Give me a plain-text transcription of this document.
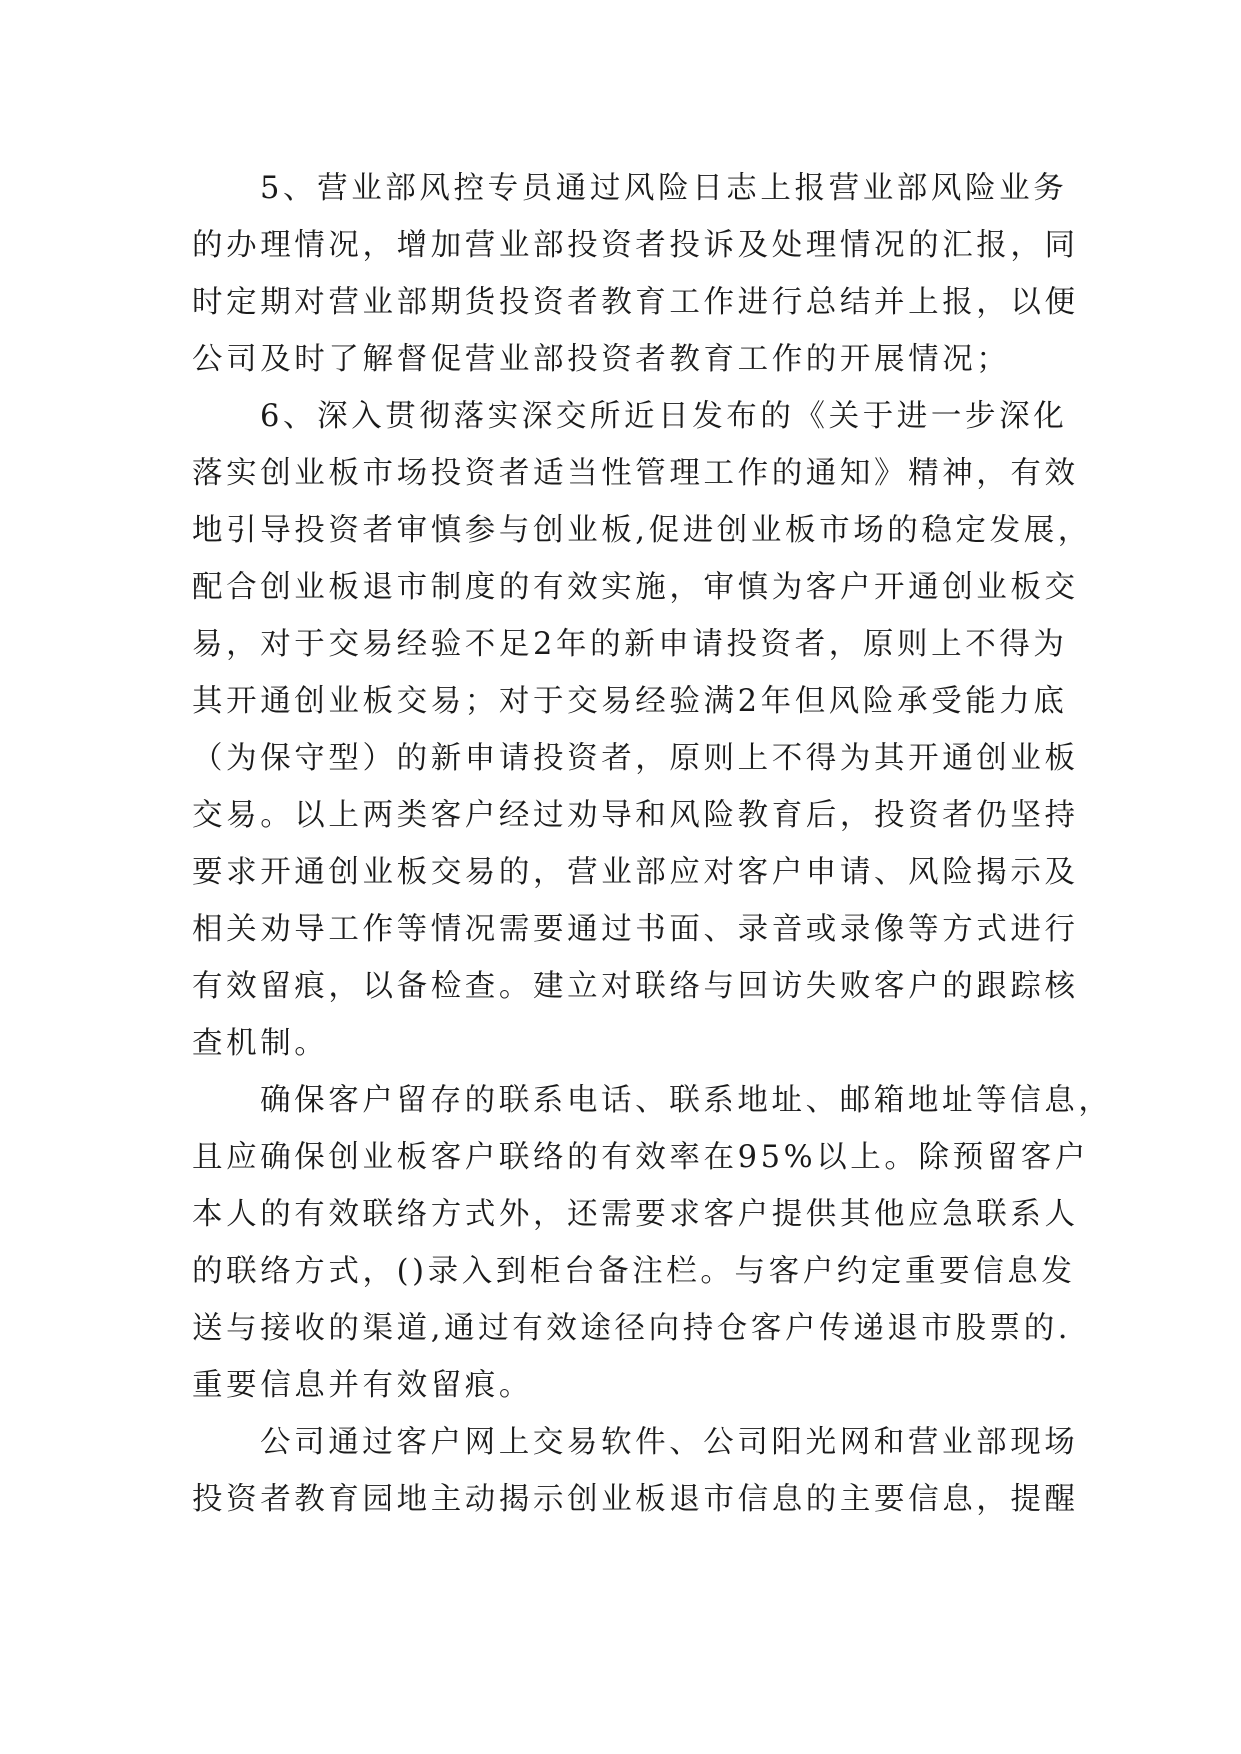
5、营业部风控专员通过风险日志上报营业部风险业务
的办理情况，增加营业部投资者投诉及处理情况的汇报，同
时定期对营业部期货投资者教育工作进行总结并上报，以便
公司及时了解督促营业部投资者教育工作的开展情况；

6、深入贯彻落实深交所近日发布的《关于进一步深化
落实创业板市场投资者适当性管理工作的通知》精神，有效
地引导投资者审慎参与创业板,促进创业板市场的稳定发展，
配合创业板退市制度的有效实施，审慎为客户开通创业板交
易，对于交易经验不足2年的新申请投资者，原则上不得为
其开通创业板交易；对于交易经验满2年但风险承受能力底
（为保守型）的新申请投资者，原则上不得为其开通创业板
交易。以上两类客户经过劝导和风险教育后，投资者仍坚持
要求开通创业板交易的，营业部应对客户申请、风险揭示及
相关劝导工作等情况需要通过书面、录音或录像等方式进行
有效留痕，以备检查。建立对联络与回访失败客户的跟踪核
查机制。

确保客户留存的联系电话、联系地址、邮箱地址等信息，
且应确保创业板客户联络的有效率在95%以上。除预留客户
本人的有效联络方式外，还需要求客户提供其他应急联系人
的联络方式，()录入到柜台备注栏。与客户约定重要信息发
送与接收的渠道,通过有效途径向持仓客户传递退市股票的.
重要信息并有效留痕。

公司通过客户网上交易软件、公司阳光网和营业部现场
投资者教育园地主动揭示创业板退市信息的主要信息，提醒
